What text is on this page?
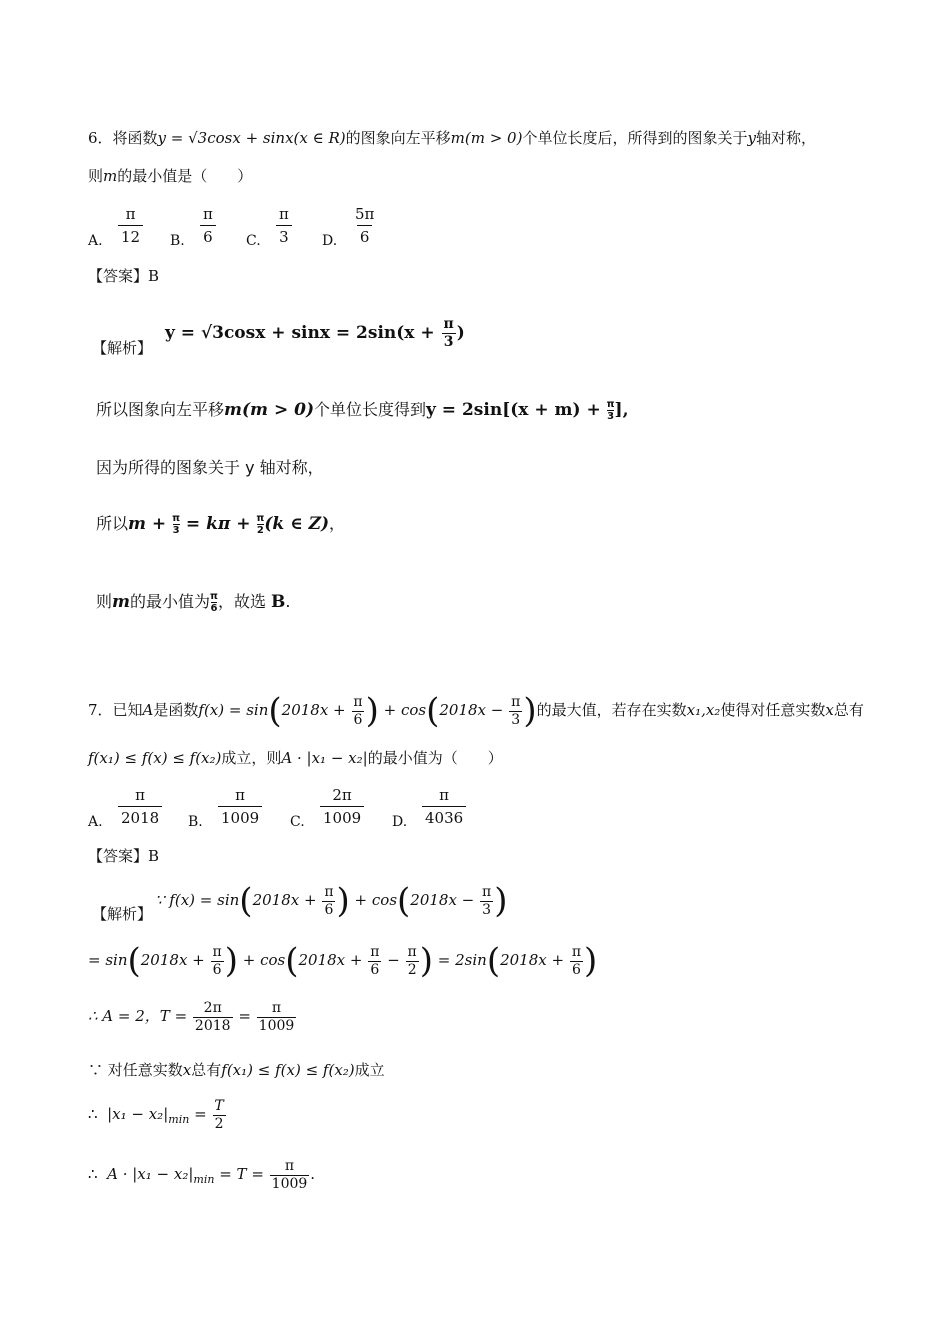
6．将函数y = √3cosx + sinx(x ∈ R)的图象向左平移m(m > 0)个单位长度后，所得到的图象关于y轴对称，
则m的最小值是（　　）
A. $\frac{\pi}{12} B$. $\frac{\pi}{6} C$. $\frac{\pi}{3} D$. $\frac{5\pi}{6}$
【答案】B
【解析】
$y = √3\cos x + \sin x = 2\sin(x + \frac{\pi}{3}$ )
所以图象向左平移m(m > 0)个单位长度得到$y = 2\sin[(x + m) + \frac{\pi}{3}$ ],
因为所得的图象关于 y 轴对称，
所以$m + \frac{\pi}{3} = k\pi + \frac{\pi}{2} (k$ ∈ Z)，
则m的最小值为 $\frac{\pi}{6}$ ，故选 B.
7．已知A是函数$f(x) = \sin(2018x + \frac{\pi}{6}$ ) + $\cos(2018x - \frac{\pi}{3}$ )的最大值，若存在实数x₁,x₂使得对任意实数x总有
f(x₁) ≤ f(x) ≤ f(x₂)成立，则A · |x₁ − x₂|的最小值为（　　）
A. $\frac{\pi}{2018} B$. $\frac{\pi}{1009} C$. $\frac{2\pi}{1009} D$. $\frac{\pi}{4036}$
【答案】B
【解析】
∵ $f(x) = \sin(2018x + \frac{\pi}{6}$ ) + $\cos(2018x - \frac{\pi}{3}$ )
= $\sin(2018x + \frac{\pi}{6}$ ) + $\cos(2018x + \frac{\pi}{6} - \frac{\pi}{2}$ ) = $2\sin(2018x + \frac{\pi}{6}$ )
∴ A = 2，$T = \frac{2\pi}{2018} = \frac{\pi}{1009}$
∵ 对任意实数x总有f(x₁) ≤ f(x) ≤ f(x₂)成立
∴ $|x_1 - x_2|_{min} = \frac{T}{2}$
∴ $A \cdot |x_1 - x_2|_{min} = T = \frac{\pi}{1009}$ .
